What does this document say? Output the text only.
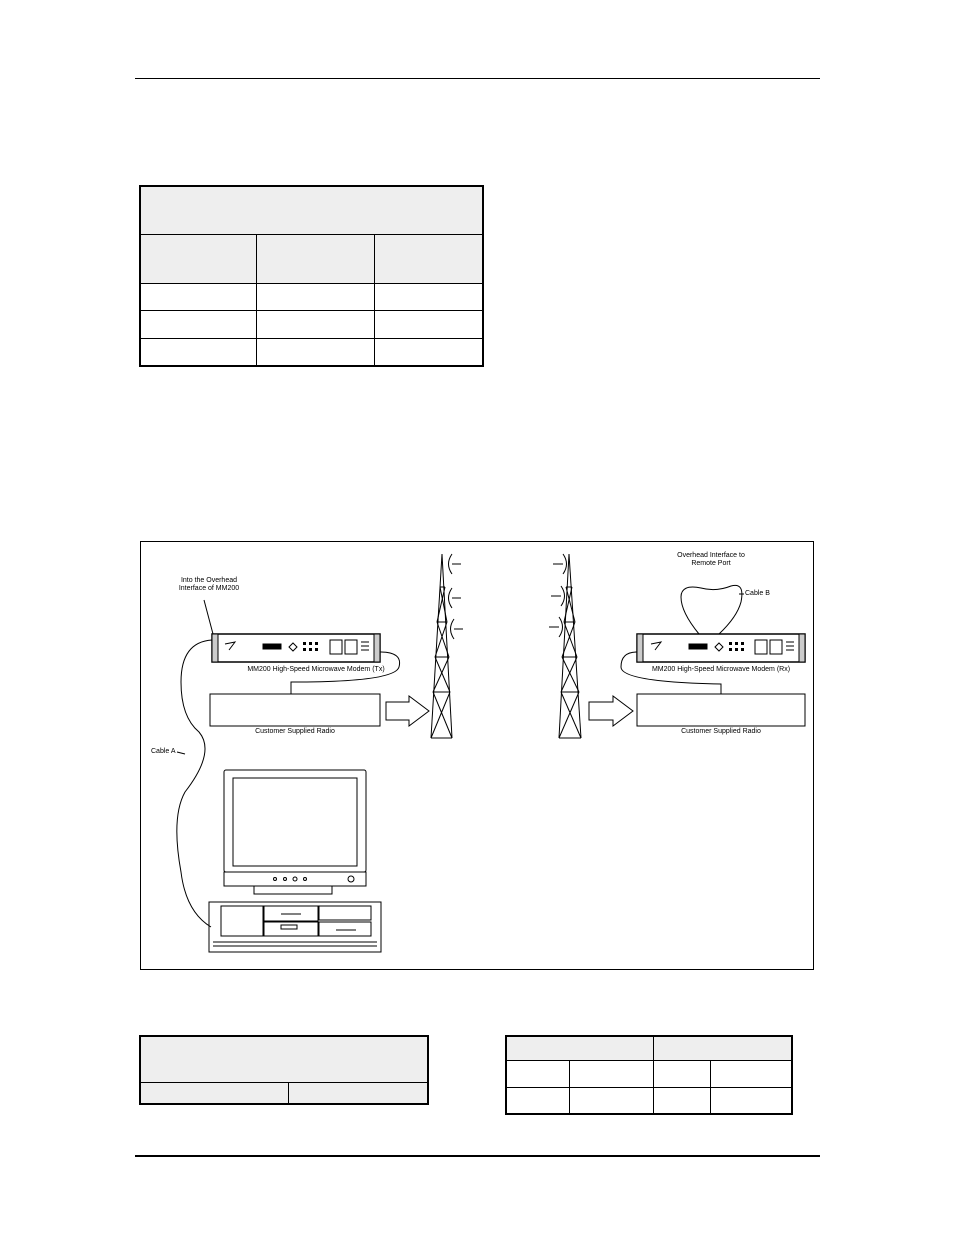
Into the Overhead
Interface of MM200
Overhead Interface to
Remote Port
Cable B
Cable A
MM200 High-Speed Microwave Modem (Tx)	MM200 High-Speed Microwave Modem (Rx)
Customer Supplied Radio	Customer Supplied Radio
